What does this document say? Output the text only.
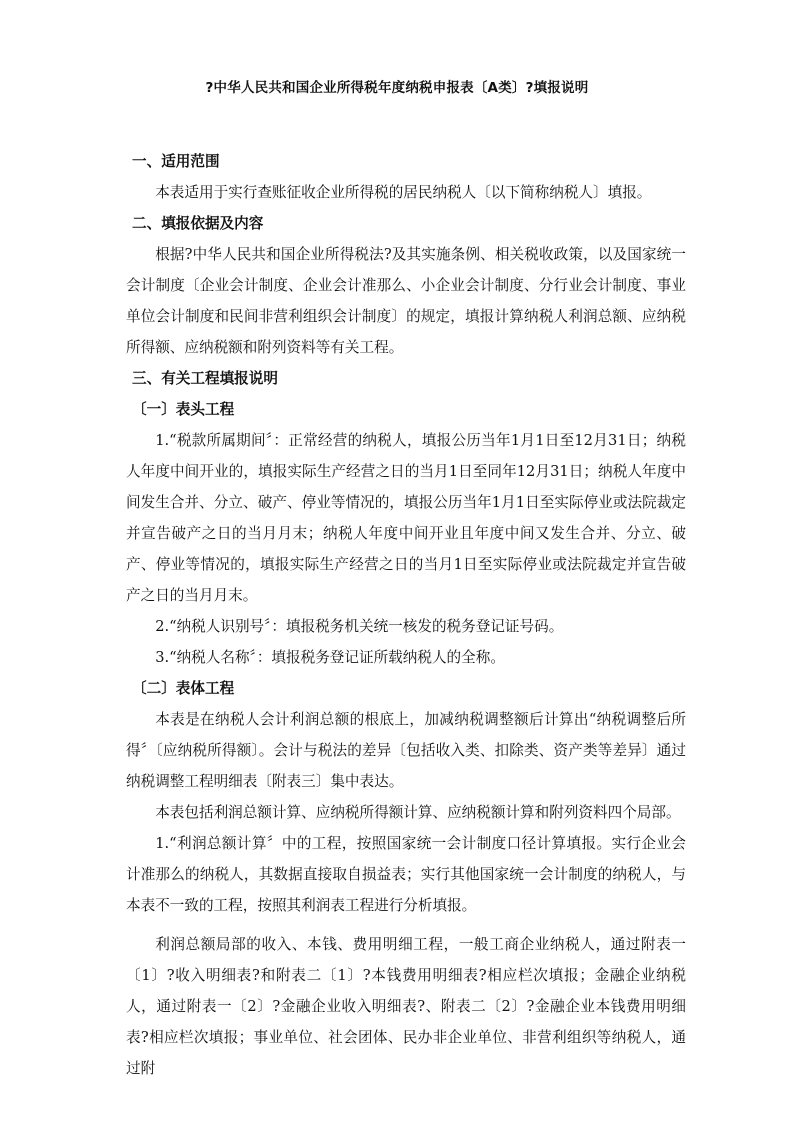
?中华人民共和国企业所得税年度纳税申报表〔A类〕?填报说明

一、适用范围

本表适用于实行查账征收企业所得税的居民纳税人〔以下简称纳税人〕填报。

二、填报依据及内容

根据?中华人民共和国企业所得税法?及其实施条例、相关税收政策，以及国家统一会计制度〔企业会计制度、企业会计准那么、小企业会计制度、分行业会计制度、事业单位会计制度和民间非营利组织会计制度〕的规定，填报计算纳税人利润总额、应纳税所得额、应纳税额和附列资料等有关工程。

三、有关工程填报说明

〔一〕表头工程

1.“税款所属期间〞：正常经营的纳税人，填报公历当年1月1日至12月31日；纳税人年度中间开业的，填报实际生产经营之日的当月1日至同年12月31日；纳税人年度中间发生合并、分立、破产、停业等情况的，填报公历当年1月1日至实际停业或法院裁定并宣告破产之日的当月月末；纳税人年度中间开业且年度中间又发生合并、分立、破产、停业等情况的，填报实际生产经营之日的当月1日至实际停业或法院裁定并宣告破产之日的当月月末。

2.“纳税人识别号〞：填报税务机关统一核发的税务登记证号码。

3.“纳税人名称〞：填报税务登记证所载纳税人的全称。

〔二〕表体工程

本表是在纳税人会计利润总额的根底上，加减纳税调整额后计算出“纳税调整后所得〞〔应纳税所得额〕。会计与税法的差异〔包括收入类、扣除类、资产类等差异〕通过纳税调整工程明细表〔附表三〕集中表达。

本表包括利润总额计算、应纳税所得额计算、应纳税额计算和附列资料四个局部。

1.“利润总额计算〞中的工程，按照国家统一会计制度口径计算填报。实行企业会计准那么的纳税人，其数据直接取自损益表；实行其他国家统一会计制度的纳税人，与本表不一致的工程，按照其利润表工程进行分析填报。

利润总额局部的收入、本钱、费用明细工程，一般工商企业纳税人，通过附表一〔1〕?收入明细表?和附表二〔1〕?本钱费用明细表?相应栏次填报；金融企业纳税人，通过附表一〔2〕?金融企业收入明细表?、附表二〔2〕?金融企业本钱费用明细表?相应栏次填报；事业单位、社会团体、民办非企业单位、非营利组织等纳税人，通过附
